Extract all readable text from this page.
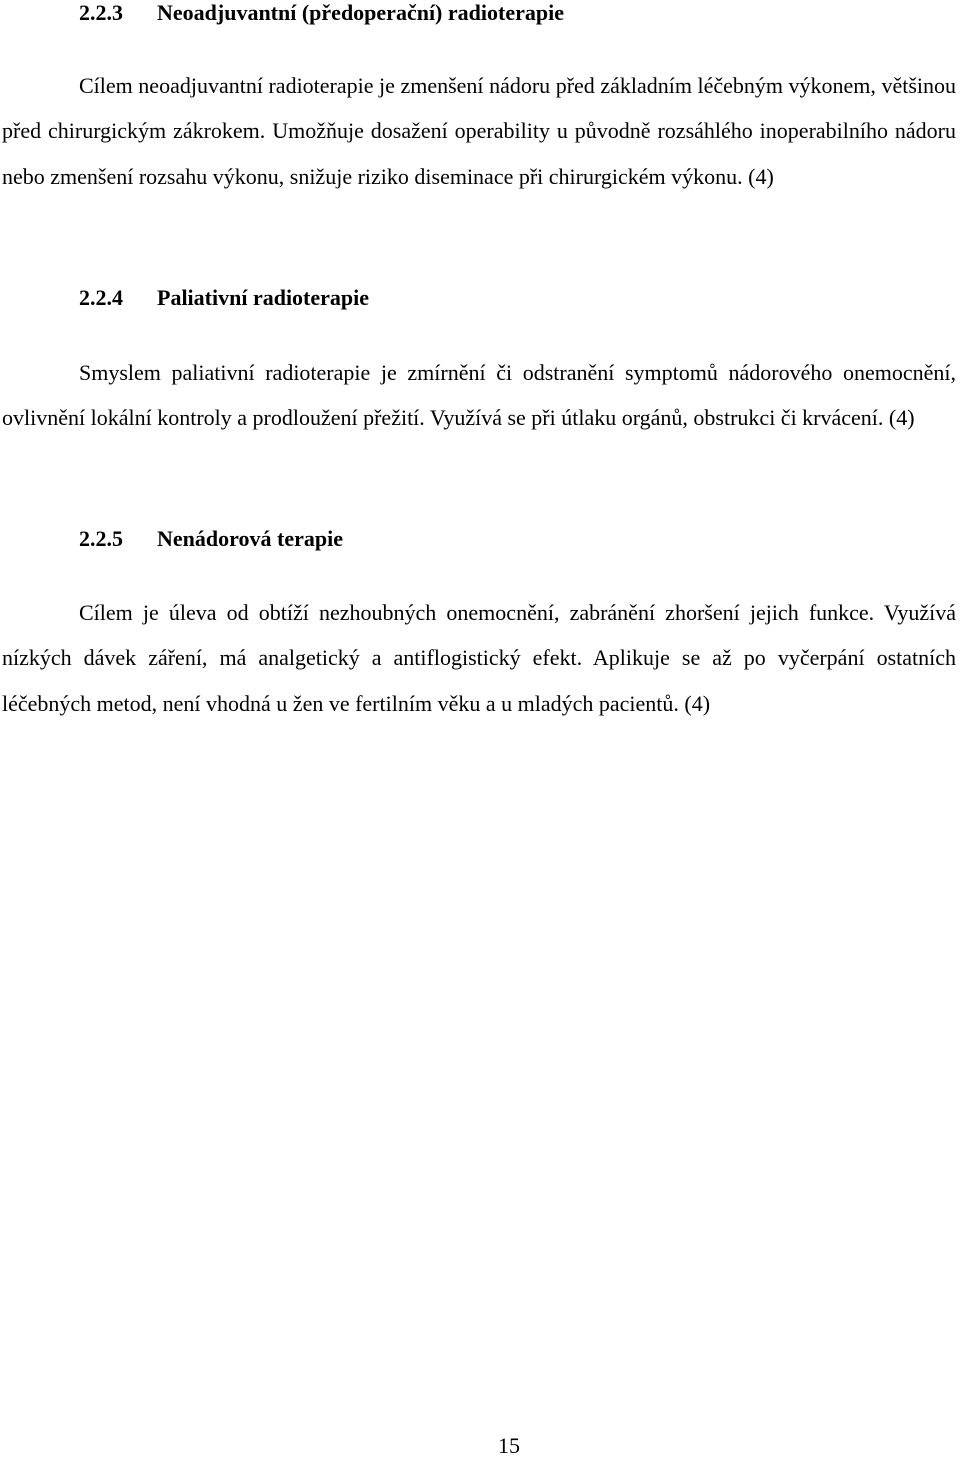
2.2.3 Neoadjuvantní (předoperační) radioterapie

Cílem neoadjuvantní radioterapie je zmenšení nádoru před základním léčebným výkonem, většinou před chirurgickým zákrokem. Umožňuje dosažení operability u původně rozsáhlého inoperabilního nádoru nebo zmenšení rozsahu výkonu, snižuje riziko diseminace při chirurgickém výkonu. (4)

2.2.4 Paliativní radioterapie

Smyslem paliativní radioterapie je zmírnění či odstranění symptomů nádorového onemocnění, ovlivnění lokální kontroly a prodloužení přežití. Využívá se při útlaku orgánů, obstrukci či krvácení. (4)

2.2.5 Nenádorová terapie

Cílem je úleva od obtíží nezhoubných onemocnění, zabránění zhoršení jejich funkce. Využívá nízkých dávek záření, má analgetický a antiflogistický efekt. Aplikuje se až po vyčerpání ostatních léčebných metod, není vhodná u žen ve fertilním věku a u mladých pacientů. (4)

15
